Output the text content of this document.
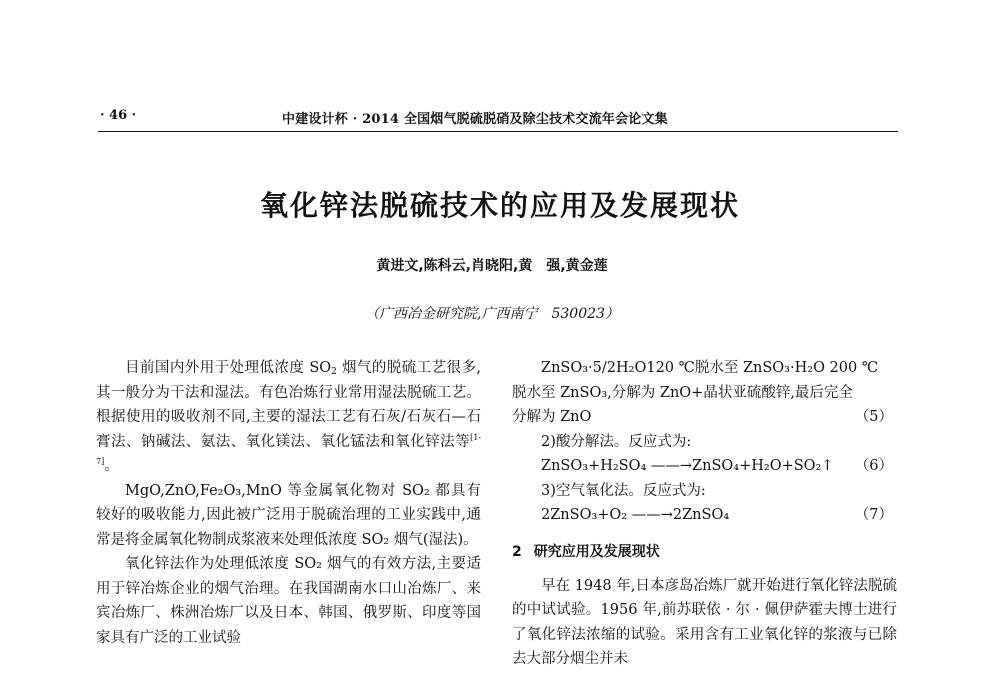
· 46 ·	中建设计杯 · 2014 全国烟气脱硫脱硝及除尘技术交流年会论文集
氧化锌法脱硫技术的应用及发展现状
黄进文,陈科云,肖晓阳,黄　强,黄金莲
（广西冶金研究院,广西南宁　530023）

目前国内外用于处理低浓度 $SO_2$ 烟气的脱硫工艺很多,其一般分为干法和湿法。有色冶炼行业常用湿法脱硫工艺。根据使用的吸收剂不同,主要的湿法工艺有石灰/石灰石—石膏法、钠碱法、氨法、氧化镁法、氧化锰法和氧化锌法等[1-7]。

MgO,ZnO,Fe₂O₃,MnO 等金属氧化物对 SO₂ 都具有较好的吸收能力,因此被广泛用于脱硫治理的工业实践中,通常是将金属氧化物制成浆液来处理低浓度 SO₂ 烟气(湿法)。

氧化锌法作为处理低浓度 SO₂ 烟气的有效方法,主要适用于锌冶炼企业的烟气治理。在我国湖南水口山冶炼厂、来宾冶炼厂、株洲冶炼厂以及日本、韩国、俄罗斯、印度等国家具有广泛的工业试验

ZnSO₃·5/2H₂O120 ℃脱水至 ZnSO₃·H₂O 200 ℃

脱水至 ZnSO₃,分解为 ZnO+晶状亚硫酸锌,最后完全

分解为 ZnO	（5）

2)酸分解法。反应式为:

ZnSO₃+H₂SO₄ ——→ZnSO₄+H₂O+SO₂↑ （6）

3)空气氧化法。反应式为:

2ZnSO₃+O₂ ——→2ZnSO₄	（7）

2 研究应用及发展现状

早在 1948 年,日本彦岛冶炼厂就开始进行氧化锌法脱硫的中试试验。1956 年,前苏联依 · 尔 · 佩伊萨霍夫博士进行了氧化锌法浓缩的试验。采用含有工业氧化锌的浆液与已除去大部分烟尘并未
